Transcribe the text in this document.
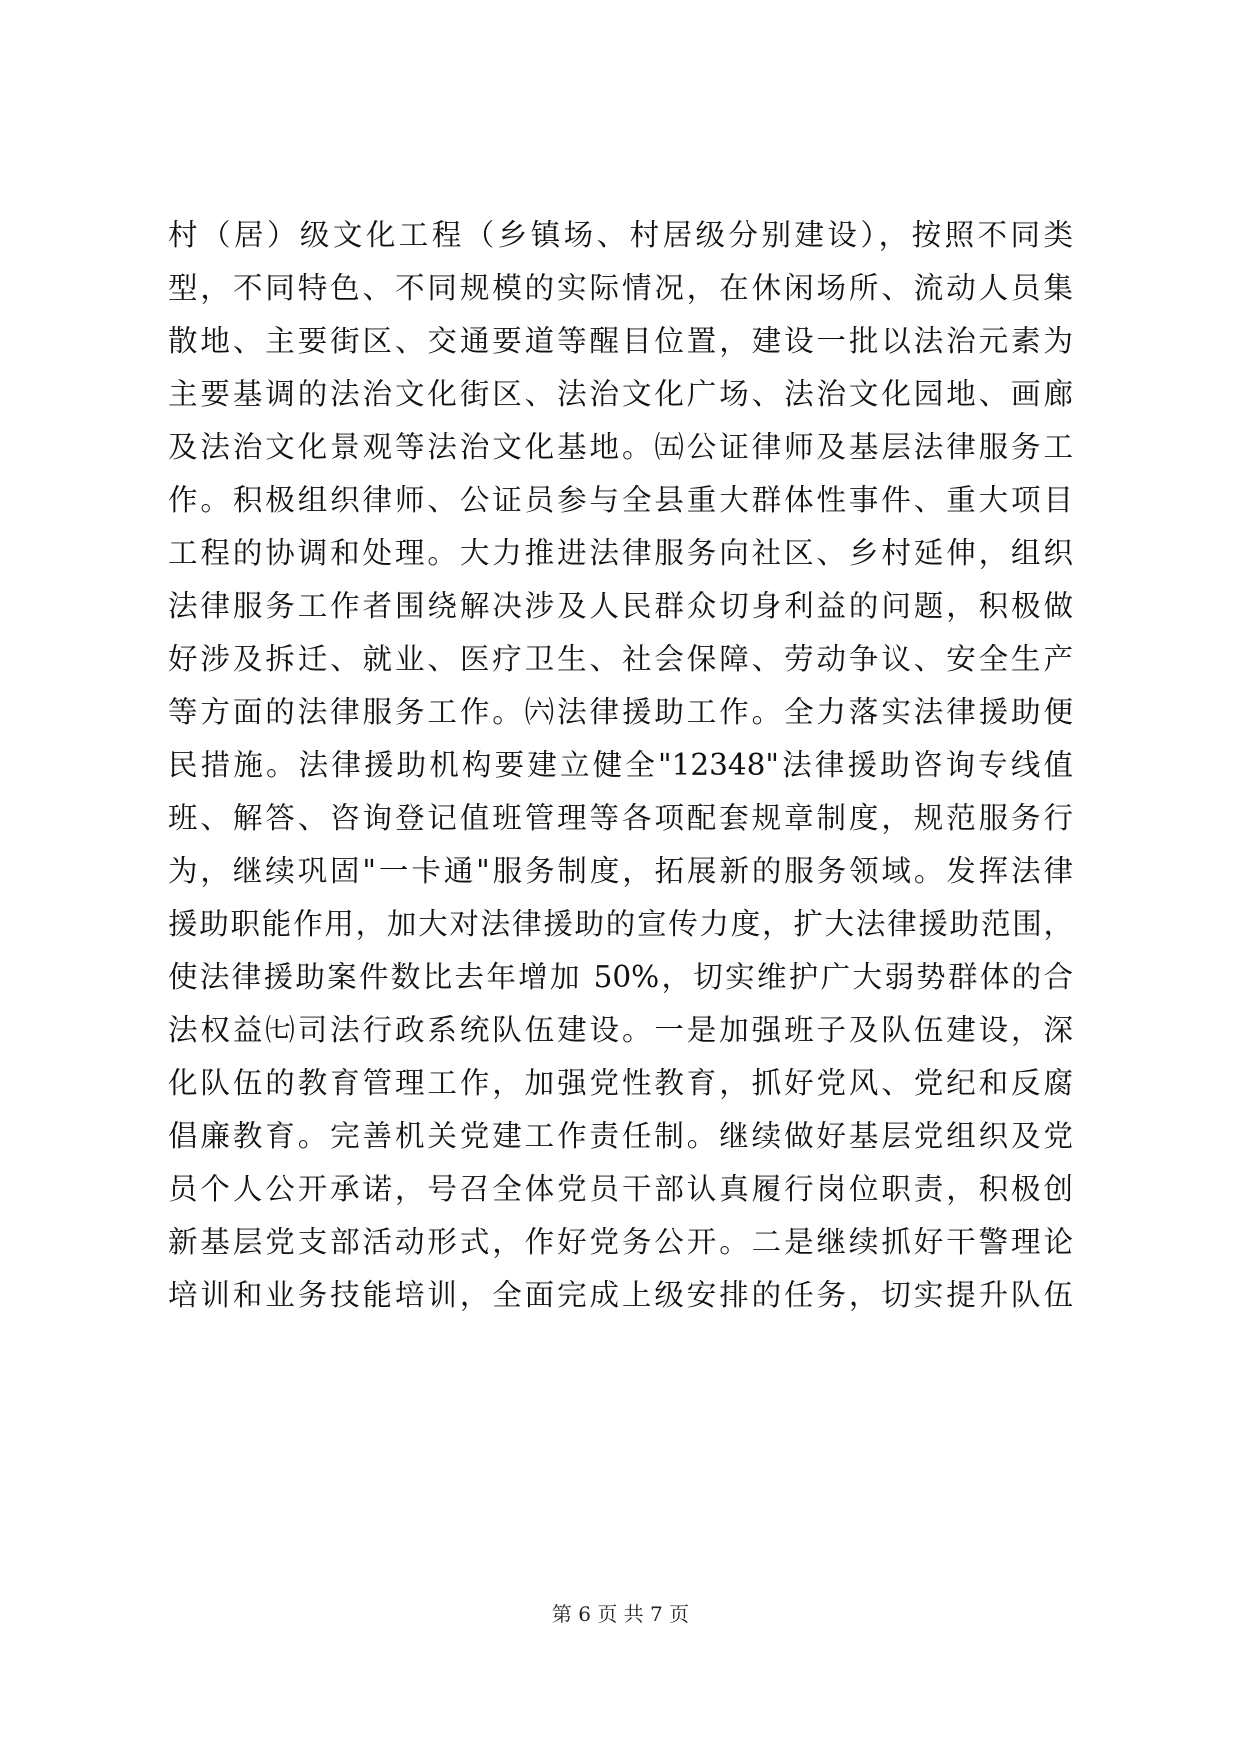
村（居）级文化工程（乡镇场、村居级分别建设），按照不同类
型，不同特色、不同规模的实际情况，在休闲场所、流动人员集
散地、主要街区、交通要道等醒目位置，建设一批以法治元素为
主要基调的法治文化街区、法治文化广场、法治文化园地、画廊
及法治文化景观等法治文化基地。㈤公证律师及基层法律服务工
作。积极组织律师、公证员参与全县重大群体性事件、重大项目
工程的协调和处理。大力推进法律服务向社区、乡村延伸，组织
法律服务工作者围绕解决涉及人民群众切身利益的问题，积极做
好涉及拆迁、就业、医疗卫生、社会保障、劳动争议、安全生产
等方面的法律服务工作。㈥法律援助工作。全力落实法律援助便
民措施。法律援助机构要建立健全"12348"法律援助咨询专线值
班、解答、咨询登记值班管理等各项配套规章制度，规范服务行
为，继续巩固"一卡通"服务制度，拓展新的服务领域。发挥法律
援助职能作用，加大对法律援助的宣传力度，扩大法律援助范围，
使法律援助案件数比去年增加 50%，切实维护广大弱势群体的合
法权益㈦司法行政系统队伍建设。一是加强班子及队伍建设，深
化队伍的教育管理工作，加强党性教育，抓好党风、党纪和反腐
倡廉教育。完善机关党建工作责任制。继续做好基层党组织及党
员个人公开承诺，号召全体党员干部认真履行岗位职责，积极创
新基层党支部活动形式，作好党务公开。二是继续抓好干警理论
培训和业务技能培训，全面完成上级安排的任务，切实提升队伍
第 6 页 共 7 页
